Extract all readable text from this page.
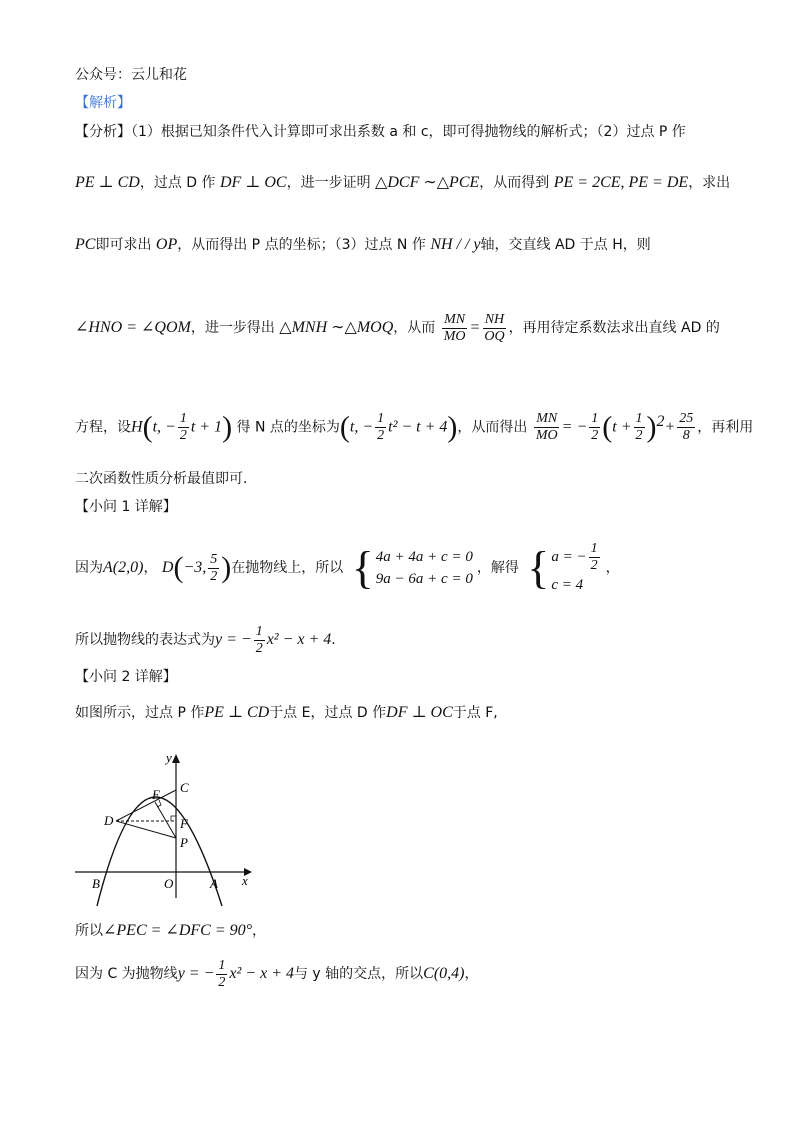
公众号：云儿和花
【解析】
【分析】（1）根据已知条件代入计算即可求出系数 a 和 c，即可得抛物线的解析式；（2）过点 P 作
PE ⊥ CD，过点 D 作 DF ⊥ OC，进一步证明 △DCF ∼△PCE，从而得到 PE = 2CE, PE = DE，求出
PC即可求出 OP，从而得出 P 点的坐标；（3）过点 N 作 NH / / y轴，交直线 AD 于点 H，则
∠HNO = ∠QOM，进一步得出 △MNH ∼△MOQ，从而 $\frac{MN}{MO} = \frac{NH}{OQ}$ ，再用待定系数法求出直线 AD 的
方程，设H(t, − $\frac{1}{2}$ t + 1) 得 N 点的坐标为(t, − $\frac{1}{2} t^2 - t + 4$)，从而得出 $\frac{MN}{MO}$ = − $\frac{1}{2} (t + \frac{1}{2} )^2+ \frac{25}{8}$ ，再利用
二次函数性质分析最值即可.
【小问 1 详解】
因为A(2,0)， D(−3, $\frac{5}{2}$ )在抛物线上，所以 { 4a + 4a + c = 0
9a − 6a + c = 0
，解得 { a = − $\frac{1}{2}$
c = 4
，
所以抛物线的表达式为y = − $\frac{1}{2} x^2 - x + 4$.
【小问 2 详解】
如图所示，过点 P 作PE ⊥ CD于点 E，过点 D 作DF ⊥ OC于点 F,
y
x
C
E
D	F
P
B	O	A
所以∠PEC = ∠DFC = 90°，
因为 C 为抛物线y = − $\frac{1}{2} x^2 - x + 4$与 y 轴的交点，所以C(0,4)，
